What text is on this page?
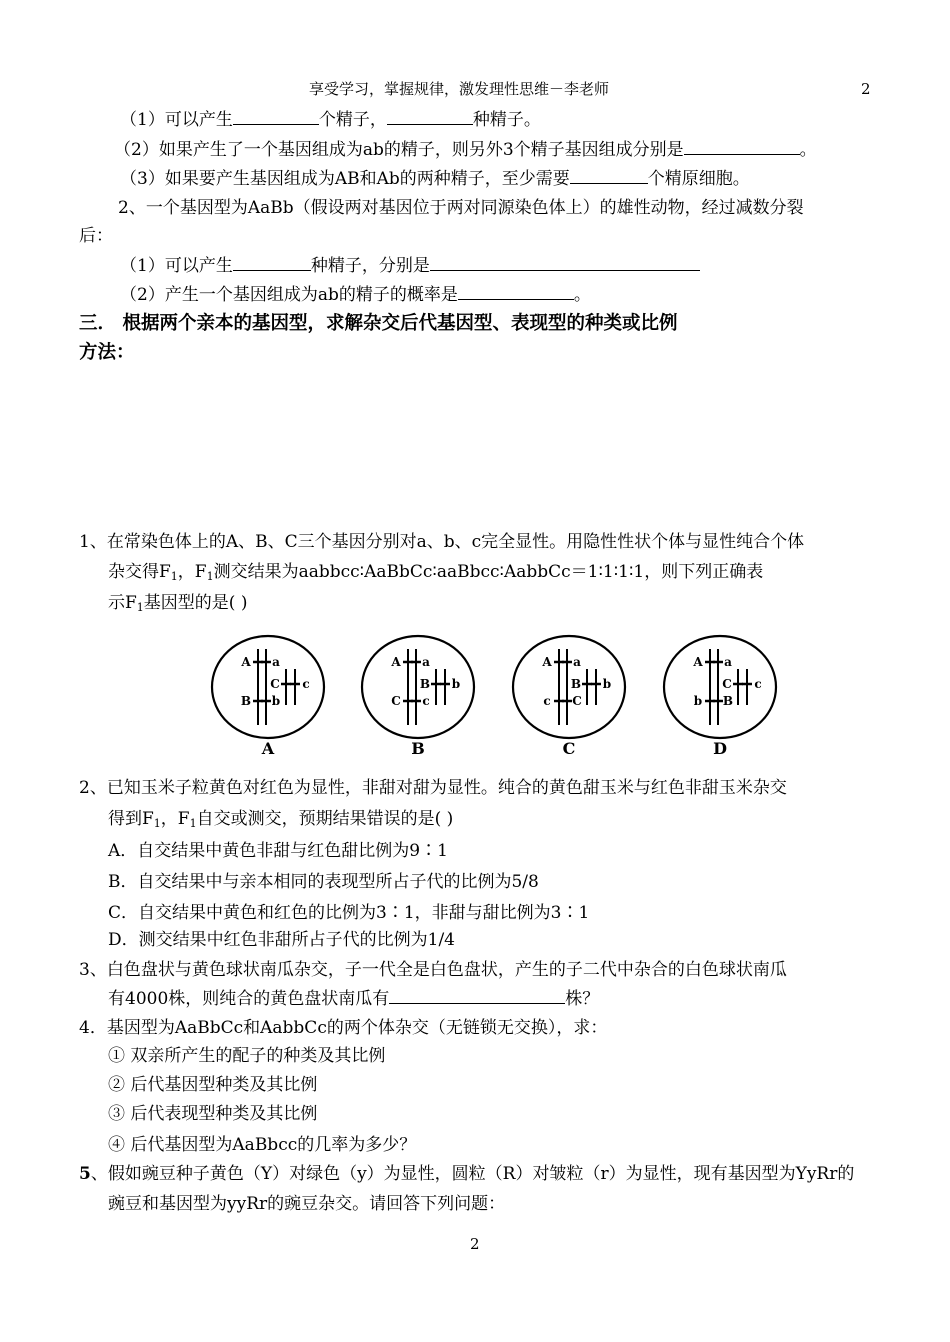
享受学习，掌握规律，激发理性思维－李老师	2
（1）可以产生	个精子，	种精子。
（2）如果产生了一个基因组成为ab的精子，则另外3个精子基因组成分别是	。
（3）如果要产生基因组成为AB和Ab的两种精子，至少需要	个精原细胞。
2、一个基因型为AaBb（假设两对基因位于两对同源染色体上）的雄性动物，经过减数分裂
后：
（1）可以产生	种精子，分别是
（2）产生一个基因组成为ab的精子的概率是	。
三． 根据两个亲本的基因型，求解杂交后代基因型、表现型的种类或比例
方法：
1、在常染色体上的A、B、C三个基因分别对a、b、c完全显性。用隐性性状个体与显性纯合个体
杂交得$F_1$，$F_1$测交结果为aabbcc∶AaBbCc∶aaBbcc∶AabbCc＝1∶1∶1∶1，则下列正确表
示$F_1$基因型的是( )
A a
B b
C c
A
A a
C c
B b
B
A a
c C
B b
C
A a
b B
C c
D
2、已知玉米子粒黄色对红色为显性，非甜对甜为显性。纯合的黄色甜玉米与红色非甜玉米杂交
得到$F_1$，$F_1$自交或测交，预期结果错误的是( )
A．自交结果中黄色非甜与红色甜比例为9∶1
B．自交结果中与亲本相同的表现型所占子代的比例为5/8
C．自交结果中黄色和红色的比例为3∶1，非甜与甜比例为3∶1
D．测交结果中红色非甜所占子代的比例为1/4
3、白色盘状与黄色球状南瓜杂交，子一代全是白色盘状，产生的子二代中杂合的白色球状南瓜
有4000株，则纯合的黄色盘状南瓜有	株？
4．基因型为AaBbCc和AabbCc的两个体杂交（无链锁无交换），求：
① 双亲所产生的配子的种类及其比例
② 后代基因型种类及其比例
③ 后代表现型种类及其比例
④ 后代基因型为AaBbcc的几率为多少？
5、假如豌豆种子黄色（Y）对绿色（y）为显性，圆粒（R）对皱粒（r）为显性，现有基因型为YyRr的
豌豆和基因型为yyRr的豌豆杂交。请回答下列问题：
2
